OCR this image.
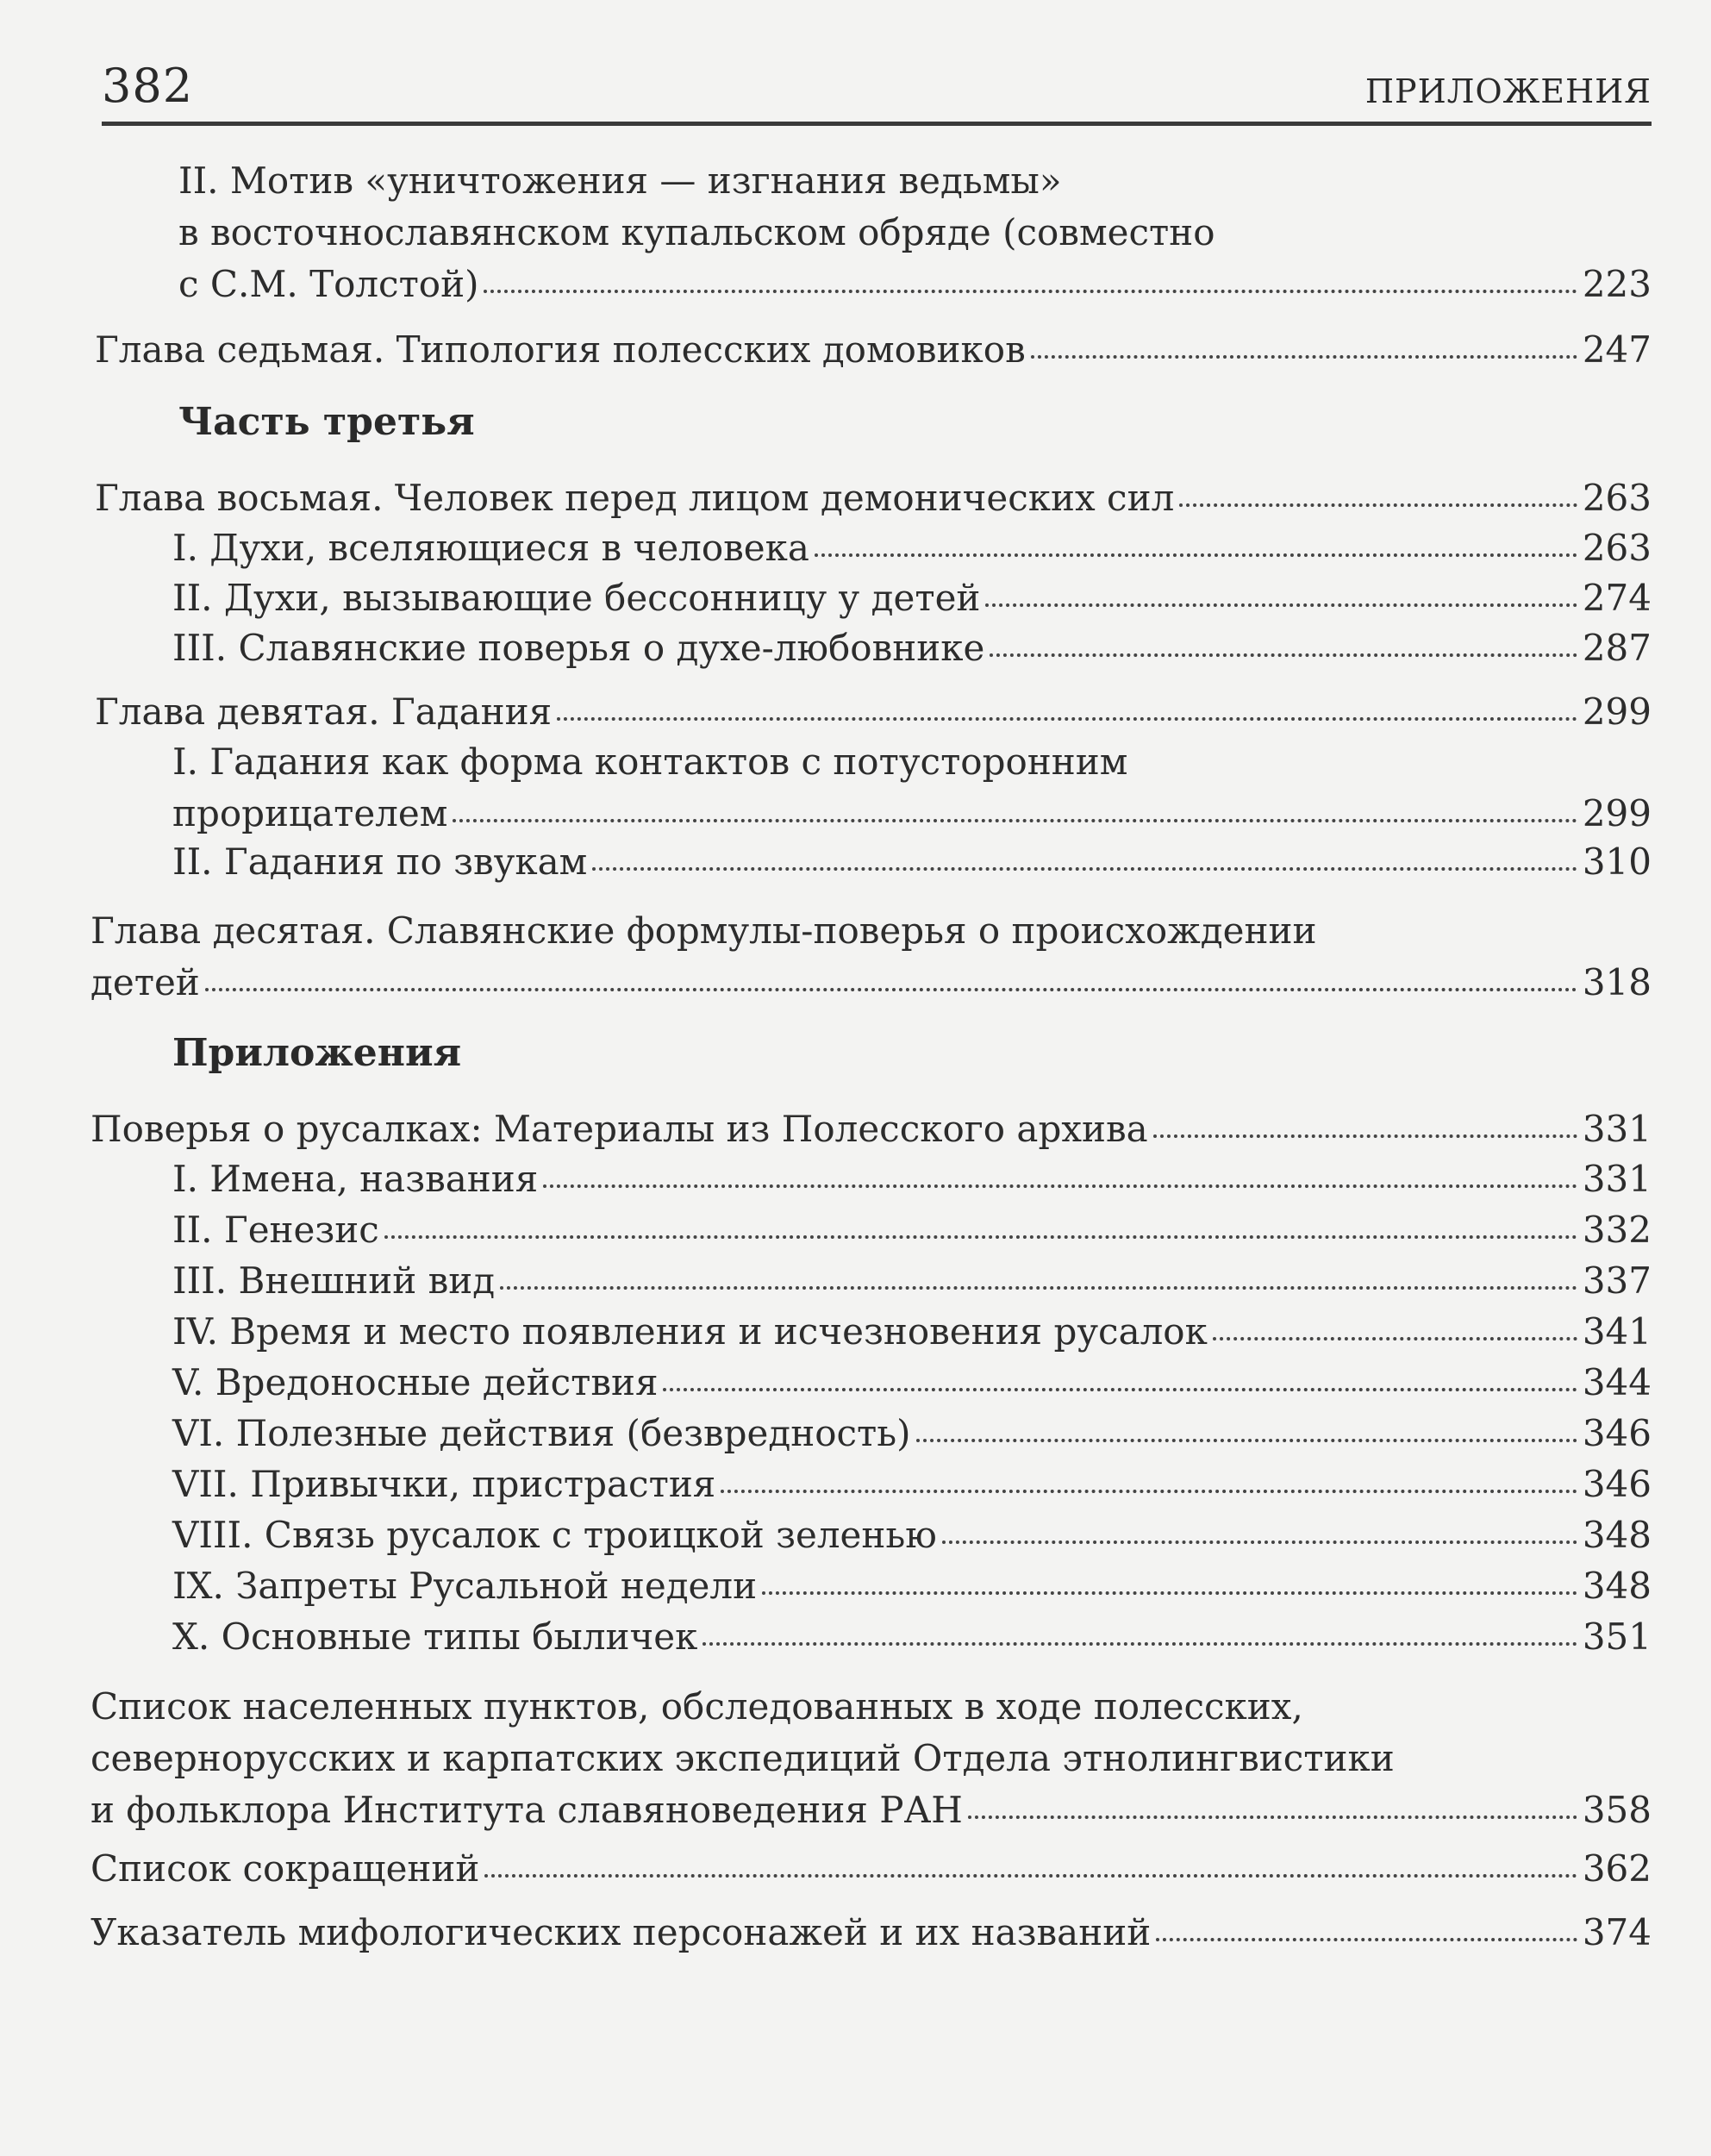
382	ПРИЛОЖЕНИЯ
II. Мотив «уничтожения — изгнания ведьмы»
в восточнославянском купальском обряде (совместно
с С.М. Толстой)	223
Глава седьмая. Типология полесских домовиков	247
Часть третья
Глава восьмая. Человек перед лицом демонических сил	263
I. Духи, вселяющиеся в человека	263
II. Духи, вызывающие бессонницу у детей	274
III. Славянские поверья о духе-любовнике	287
Глава девятая. Гадания	299
I. Гадания как форма контактов с потусторонним
прорицателем	299
II. Гадания по звукам	310
Глава десятая. Славянские формулы-поверья о происхождении
детей	318
Приложения
Поверья о русалках: Материалы из Полесского архива	331
I. Имена, названия	331
II. Генезис	332
III. Внешний вид	337
IV. Время и место появления и исчезновения русалок	341
V. Вредоносные действия	344
VI. Полезные действия (безвредность)	346
VII. Привычки, пристрастия	346
VIII. Связь русалок с троицкой зеленью	348
IX. Запреты Русальной недели	348
X. Основные типы быличек	351
Список населенных пунктов, обследованных в ходе полесских,
севернорусских и карпатских экспедиций Отдела этнолингвистики
и фольклора Института славяноведения РАН	358
Список сокращений	362
Указатель мифологических персонажей и их названий	374
